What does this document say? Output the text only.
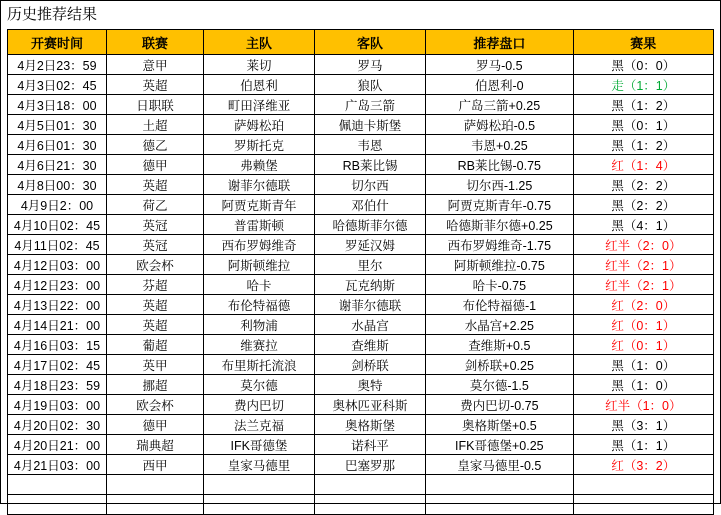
历史推荐结果
开赛时间	联赛	主队	客队	推荐盘口	赛果
4月2日23：59	意甲	莱切	罗马	罗马-0.5	黑（0：0）
4月3日02：45	英超	伯恩利	狼队	伯恩利-0	走（1：1）
4月3日18：00	日职联	町田泽维亚	广岛三箭	广岛三箭+0.25	黑（1：2）
4月5日01：30	土超	萨姆松珀	佩迪卡斯堡	萨姆松珀-0.5	黑（0：1）
4月6日01：30	德乙	罗斯托克	韦恩	韦恩+0.25	黑（1：2）
4月6日21：30	德甲	弗赖堡	RB莱比锡	RB莱比锡-0.75	红（1：4）
4月8日00：30	英超	谢菲尔德联	切尔西	切尔西-1.25	黑（2：2）
4月9日2：00	荷乙	阿贾克斯青年	邓伯什	阿贾克斯青年-0.75	黑（2：2）
4月10日02：45	英冠	普雷斯顿	哈德斯菲尔德	哈德斯菲尔德+0.25	黑（4：1）
4月11日02：45	英冠	西布罗姆维奇	罗延汉姆	西布罗姆维奇-1.75	红半（2：0）
4月12日03：00	欧会杯	阿斯顿维拉	里尔	阿斯顿维拉-0.75	红半（2：1）
4月12日23：00	芬超	哈卡	瓦克纳斯	哈卡-0.75	红半（2：1）
4月13日22：00	英超	布伦特福德	谢菲尔德联	布伦特福德-1	红（2：0）
4月14日21：00	英超	利物浦	水晶宫	水晶宫+2.25	红（0：1）
4月16日03：15	葡超	维赛拉	查维斯	查维斯+0.5	红（0：1）
4月17日02：45	英甲	布里斯托流浪	剑桥联	剑桥联+0.25	黑（1：0）
4月18日23：59	挪超	莫尔德	奥特	莫尔德-1.5	黑（1：0）
4月19日03：00	欧会杯	费内巴切	奥林匹亚科斯	费内巴切-0.75	红半（1：0）
4月20日02：30	德甲	法兰克福	奥格斯堡	奥格斯堡+0.5	黑（3：1）
4月20日21：00	瑞典超	IFK哥德堡	诺科平	IFK哥德堡+0.25	黑（1：1）
4月21日03：00	西甲	皇家马德里	巴塞罗那	皇家马德里-0.5	红（3：2）
